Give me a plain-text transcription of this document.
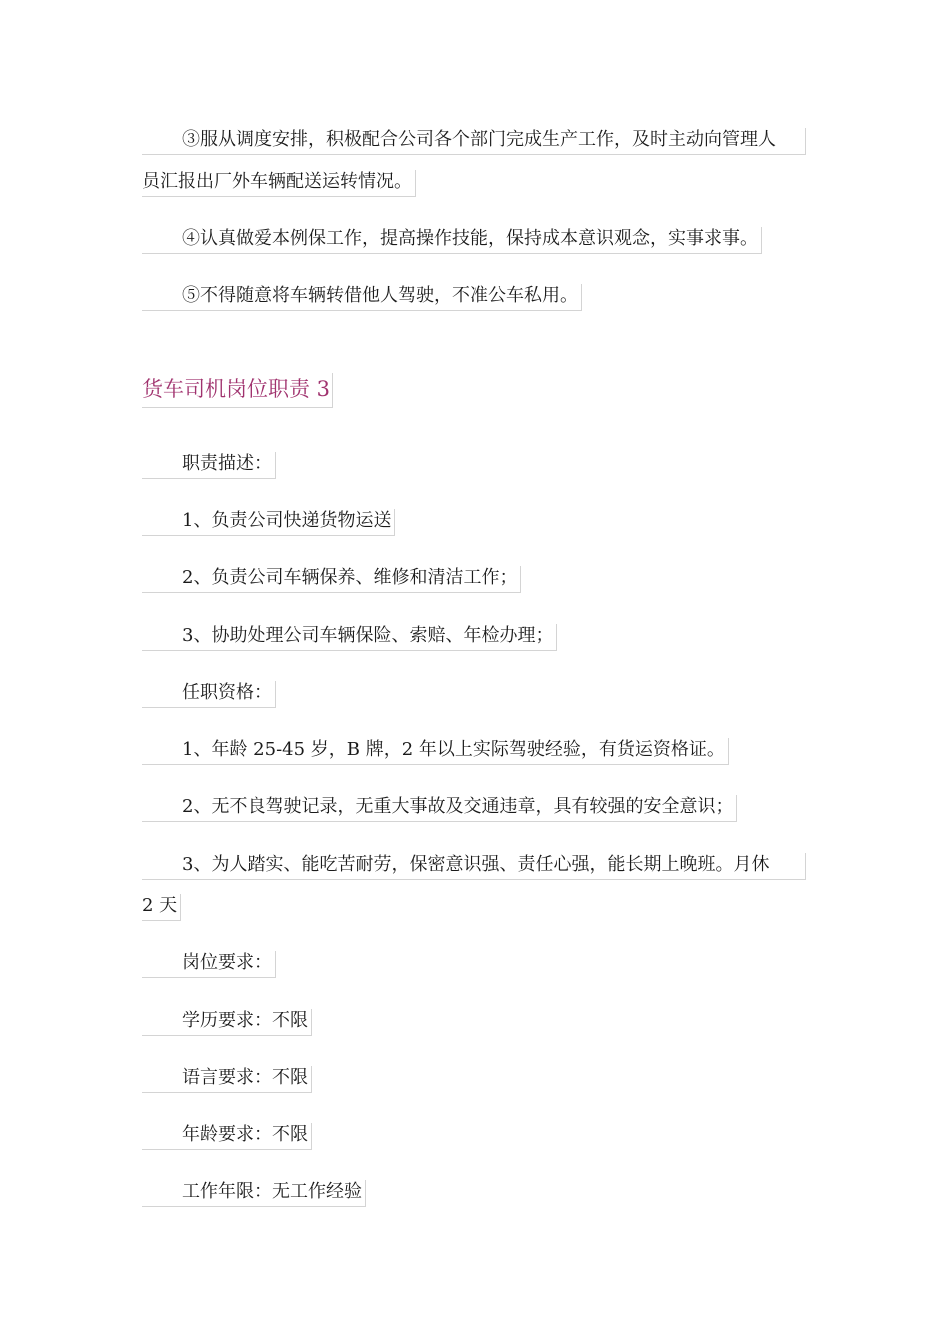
③服从调度安排，积极配合公司各个部门完成生产工作，及时主动向管理人
员汇报出厂外车辆配送运转情况。
④认真做爱本例保工作，提高操作技能，保持成本意识观念，实事求事。
⑤不得随意将车辆转借他人驾驶，不准公车私用。
货车司机岗位职责 3
职责描述：
1、负责公司快递货物运送
2、负责公司车辆保养、维修和清洁工作；
3、协助处理公司车辆保险、索赔、年检办理；
任职资格：
1、年龄 25-45 岁，B 牌，2 年以上实际驾驶经验，有货运资格证。
2、无不良驾驶记录，无重大事故及交通违章，具有较强的安全意识；
3、为人踏实、能吃苦耐劳，保密意识强、责任心强，能长期上晚班。月休
2 天
岗位要求：
学历要求：不限
语言要求：不限
年龄要求：不限
工作年限：无工作经验
